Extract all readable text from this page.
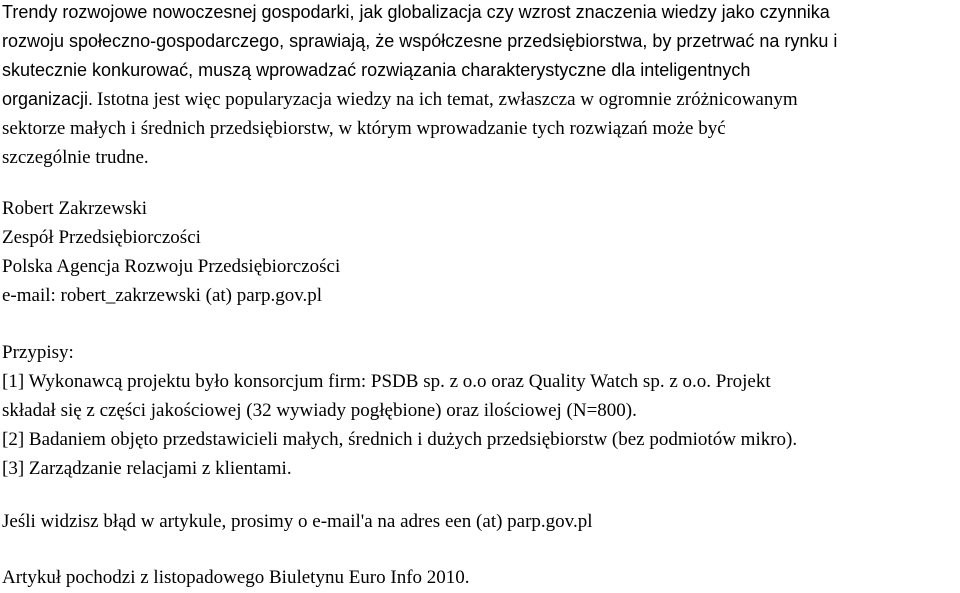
Trendy rozwojowe nowoczesnej gospodarki, jak globalizacja czy wzrost znaczenia wiedzy jako czynnika
rozwoju społeczno-gospodarczego, sprawiają, że współczesne przedsiębiorstwa, by przetrwać na rynku i
skutecznie konkurować, muszą wprowadzać rozwiązania charakterystyczne dla inteligentnych
organizacji. Istotna jest więc popularyzacja wiedzy na ich temat, zwłaszcza w ogromnie zróżnicowanym
sektorze małych i średnich przedsiębiorstw, w którym wprowadzanie tych rozwiązań może być
szczególnie trudne.
Robert Zakrzewski
Zespół Przedsiębiorczości
Polska Agencja Rozwoju Przedsiębiorczości
e-mail: robert_zakrzewski (at) parp.gov.pl
Przypisy:
[1] Wykonawcą projektu było konsorcjum firm: PSDB sp. z o.o oraz Quality Watch sp. z o.o. Projekt
składał się z części jakościowej (32 wywiady pogłębione) oraz ilościowej (N=800).
[2] Badaniem objęto przedstawicieli małych, średnich i dużych przedsiębiorstw (bez podmiotów mikro).
[3] Zarządzanie relacjami z klientami.
Jeśli widzisz błąd w artykule, prosimy o e-mail'a na adres een (at) parp.gov.pl
Artykuł pochodzi z listopadowego Biuletynu Euro Info 2010.
